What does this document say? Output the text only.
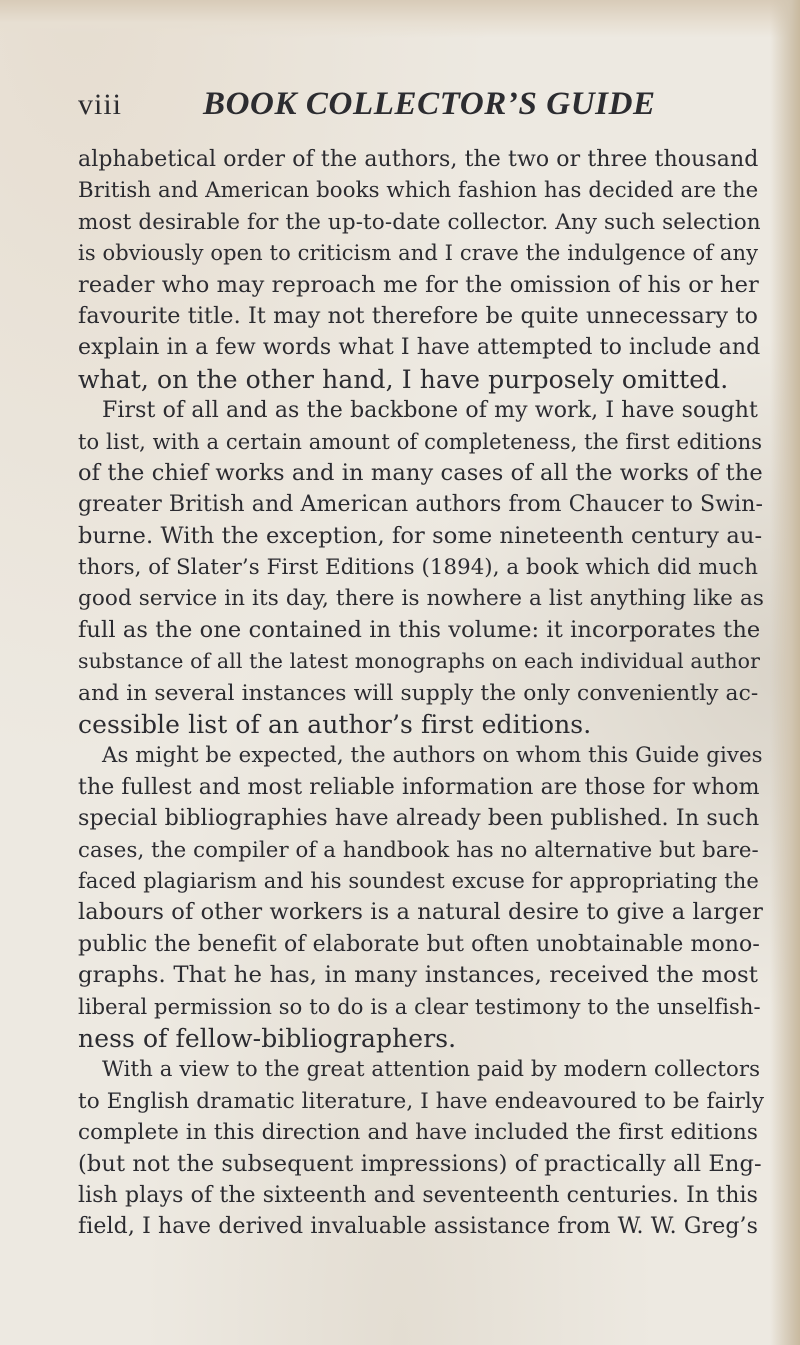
viii BOOK COLLECTOR’S GUIDE
alphabetical order of the authors, the two or three thousand
British and American books which fashion has decided are the
most desirable for the up-to-date collector. Any such selection
is obviously open to criticism and I crave the indulgence of any
reader who may reproach me for the omission of his or her
favourite title. It may not therefore be quite unnecessary to
explain in a few words what I have attempted to include and
what, on the other hand, I have purposely omitted.
First of all and as the backbone of my work, I have sought
to list, with a certain amount of completeness, the first editions
of the chief works and in many cases of all the works of the
greater British and American authors from Chaucer to Swin-
burne. With the exception, for some nineteenth century au-
thors, of Slater’s First Editions (1894), a book which did much
good service in its day, there is nowhere a list anything like as
full as the one contained in this volume: it incorporates the
substance of all the latest monographs on each individual author
and in several instances will supply the only conveniently ac-
cessible list of an author’s first editions.
As might be expected, the authors on whom this Guide gives
the fullest and most reliable information are those for whom
special bibliographies have already been published. In such
cases, the compiler of a handbook has no alternative but bare-
faced plagiarism and his soundest excuse for appropriating the
labours of other workers is a natural desire to give a larger
public the benefit of elaborate but often unobtainable mono-
graphs. That he has, in many instances, received the most
liberal permission so to do is a clear testimony to the unselfish-
ness of fellow-bibliographers.
With a view to the great attention paid by modern collectors
to English dramatic literature, I have endeavoured to be fairly
complete in this direction and have included the first editions
(but not the subsequent impressions) of practically all Eng-
lish plays of the sixteenth and seventeenth centuries. In this
field, I have derived invaluable assistance from W. W. Greg’s
